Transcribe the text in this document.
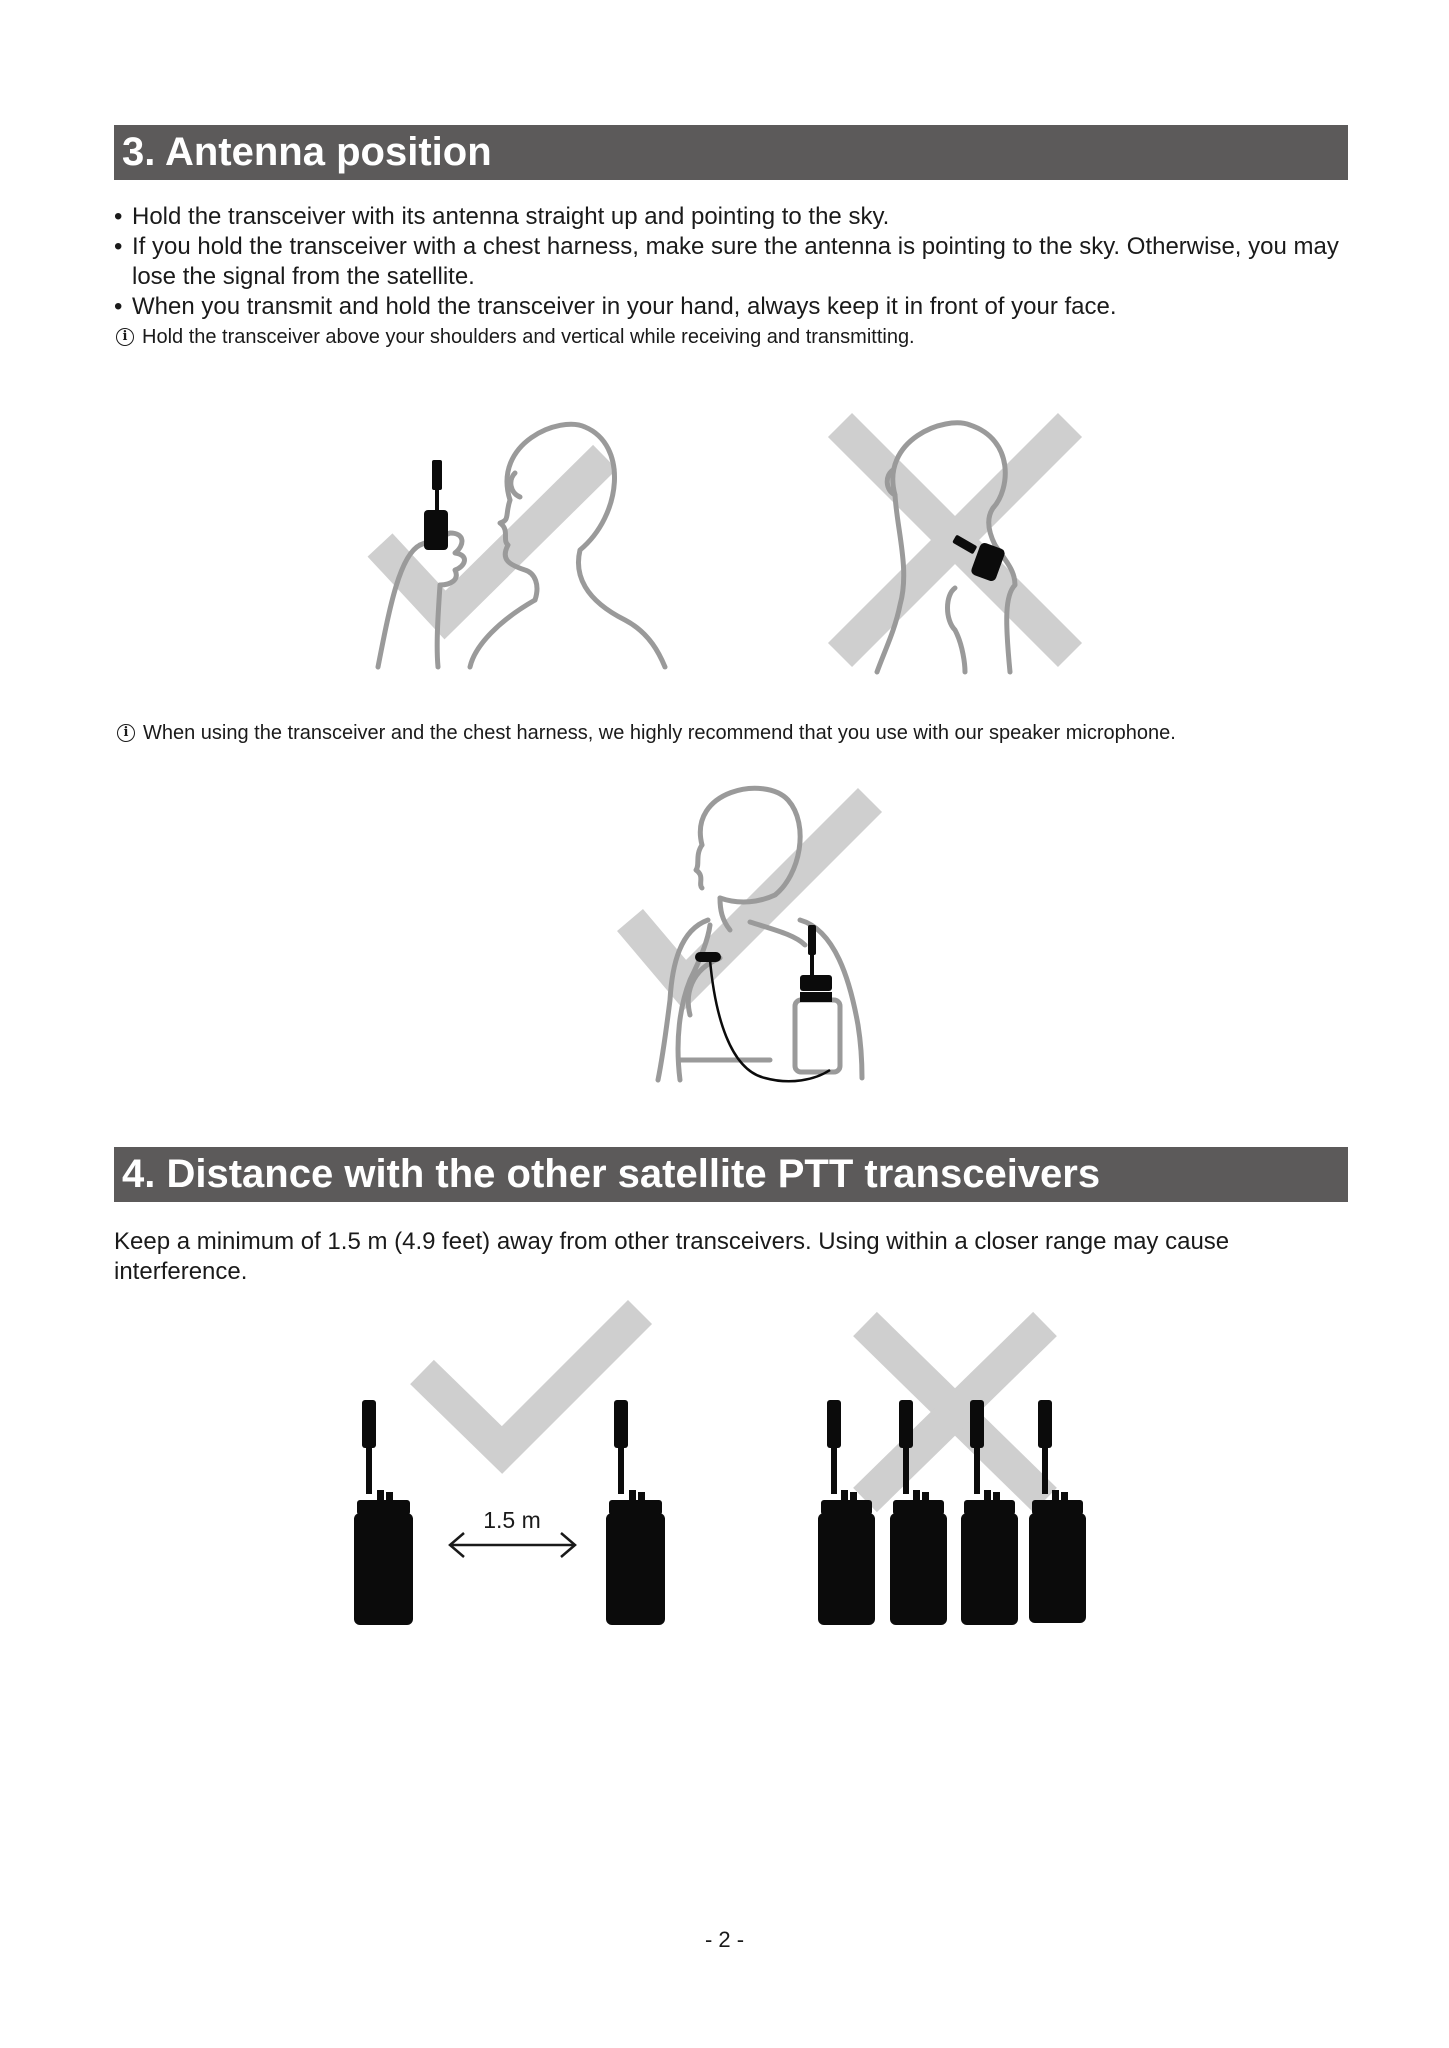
3. Antenna position
• Hold the transceiver with its antenna straight up and pointing to the sky.
• If you hold the transceiver with a chest harness, make sure the antenna is pointing to the sky. Otherwise, you may lose the signal from the satellite.
• When you transmit and hold the transceiver in your hand, always keep it in front of your face.
i Hold the transceiver above your shoulders and vertical while receiving and transmitting.
i When using the transceiver and the chest harness, we highly recommend that you use with our speaker microphone.
4. Distance with the other satellite PTT transceivers
Keep a minimum of 1.5 m (4.9 feet) away from other transceivers. Using within a closer range may cause interference.
1.5 m
- 2 -
